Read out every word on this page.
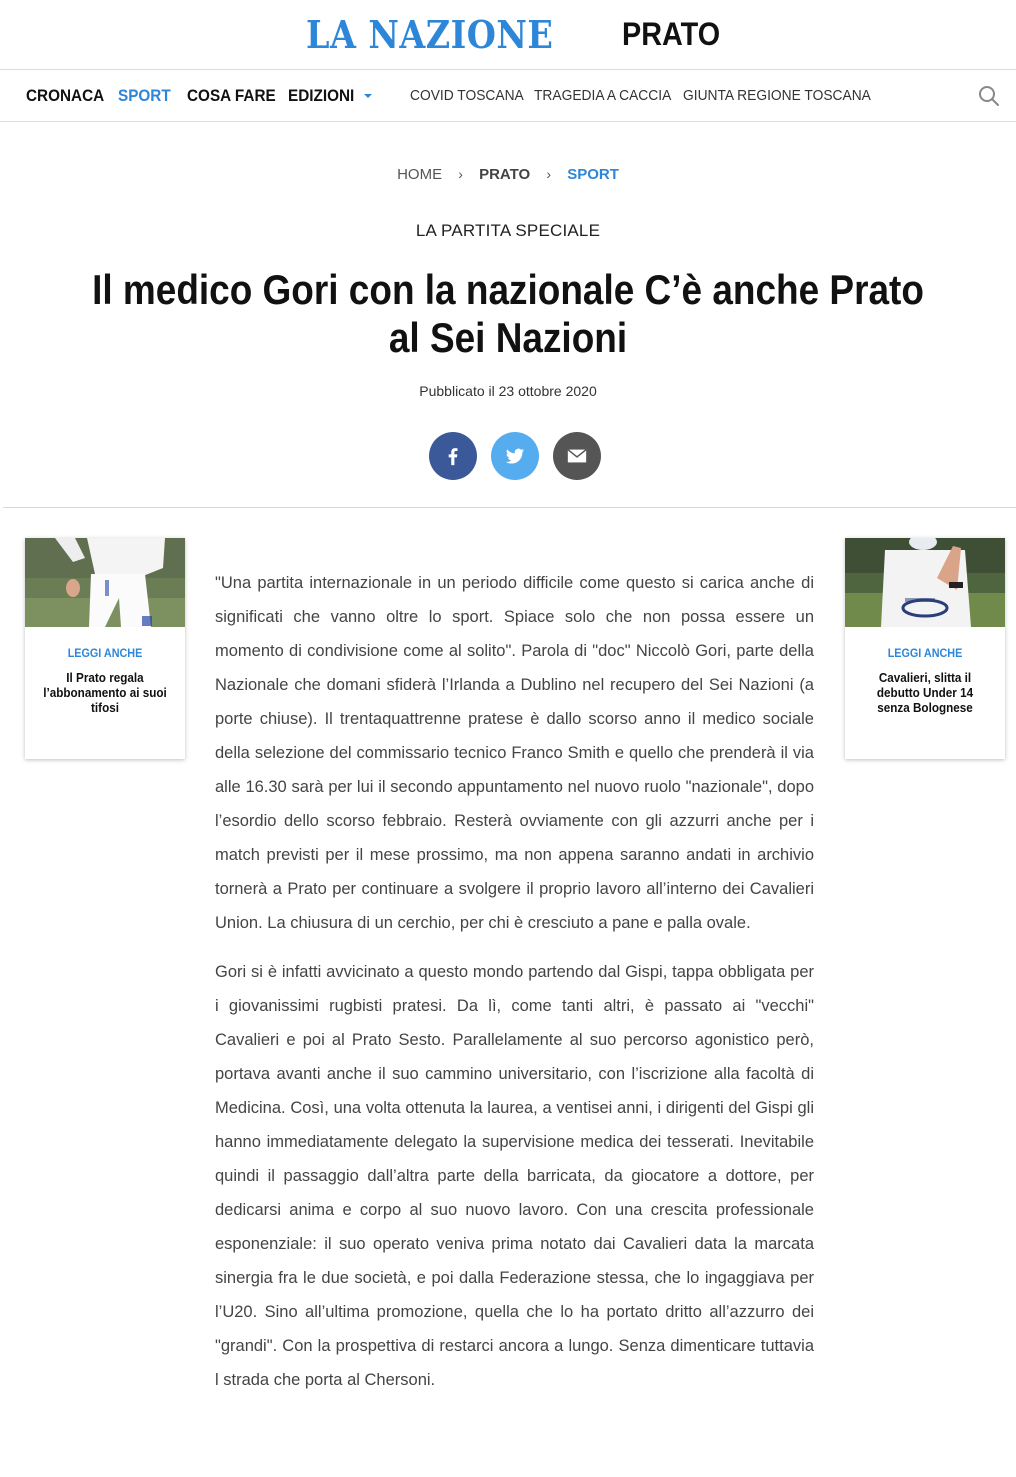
LA NAZIONE PRATO
CRONACA SPORT COSA FARE EDIZIONI	COVID TOSCANA TRAGEDIA A CACCIA GIUNTA REGIONE TOSCANA
HOME › PRATO › SPORT
LA PARTITA SPECIALE
Il medico Gori con la nazionale C’è anche Prato al Sei Nazioni
Pubblicato il 23 ottobre 2020
LEGGI ANCHE
Il Prato regala l’abbonamento ai suoi tifosi
LEGGI ANCHE
Cavalieri, slitta il debutto Under 14 senza Bolognese

"Una partita internazionale in un periodo difficile come questo si carica anche di significati che vanno oltre lo sport. Spiace solo che non possa essere un momento di condivisione come al solito". Parola di "doc" Niccolò Gori, parte della Nazionale che domani sfiderà l’Irlanda a Dublino nel recupero del Sei Nazioni (a porte chiuse). Il trentaquattrenne pratese è dallo scorso anno il medico sociale della selezione del commissario tecnico Franco Smith e quello che prenderà il via alle 16.30 sarà per lui il secondo appuntamento nel nuovo ruolo "nazionale", dopo l’esordio dello scorso febbraio. Resterà ovviamente con gli azzurri anche per i match previsti per il mese prossimo, ma non appena saranno andati in archivio tornerà a Prato per continuare a svolgere il proprio lavoro all’interno dei Cavalieri Union. La chiusura di un cerchio, per chi è cresciuto a pane e palla ovale.

Gori si è infatti avvicinato a questo mondo partendo dal Gispi, tappa obbligata per i giovanissimi rugbisti pratesi. Da lì, come tanti altri, è passato ai "vecchi" Cavalieri e poi al Prato Sesto. Parallelamente al suo percorso agonistico però, portava avanti anche il suo cammino universitario, con l’iscrizione alla facoltà di Medicina. Così, una volta ottenuta la laurea, a ventisei anni, i dirigenti del Gispi gli hanno immediatamente delegato la supervisione medica dei tesserati. Inevitabile quindi il passaggio dall’altra parte della barricata, da giocatore a dottore, per dedicarsi anima e corpo al suo nuovo lavoro. Con una crescita professionale esponenziale: il suo operato veniva prima notato dai Cavalieri data la marcata sinergia fra le due società, e poi dalla Federazione stessa, che lo ingaggiava per l’U20. Sino all’ultima promozione, quella che lo ha portato dritto all’azzurro dei "grandi". Con la prospettiva di restarci ancora a lungo. Senza dimenticare tuttavia l strada che porta al Chersoni.
